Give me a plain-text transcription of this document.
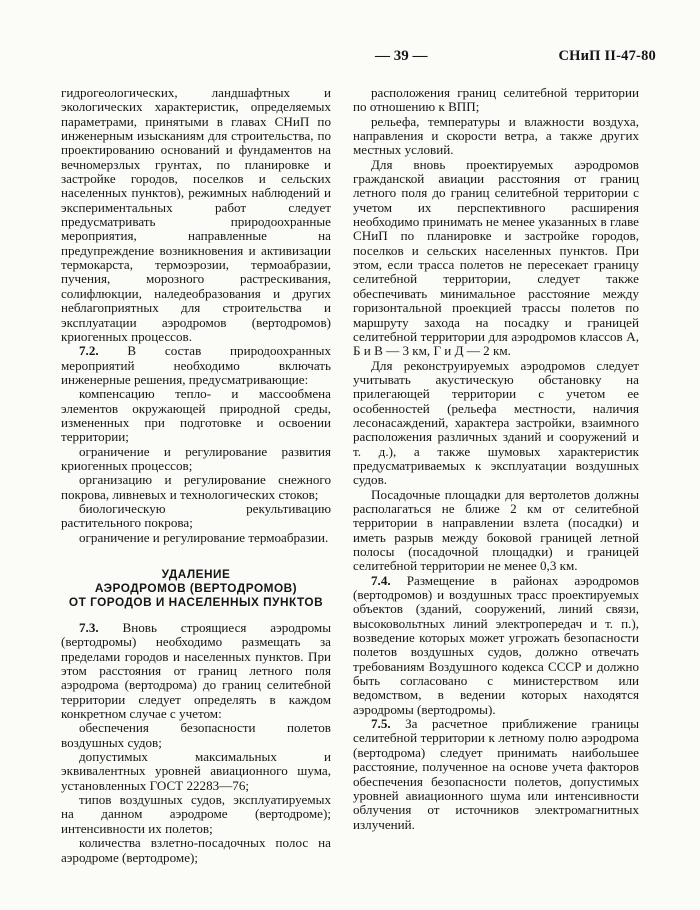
— 39 —	СНиП II-47-80

гидрогеологических, ландшафтных и экологических характеристик, определяемых параметрами, принятыми в главах СНиП по инженерным изысканиям для строительства, по проектированию оснований и фундаментов на вечномерзлых грунтах, по планировке и застройке городов, поселков и сельских населенных пунктов), режимных наблюдений и экспериментальных работ следует предусматривать природоохранные мероприятия, направленные на предупреждение возникновения и активизации термокарста, термоэрозии, термоабразии, пучения, морозного растрескивания, солифлюкции, наледеобразования и других неблагоприятных для строительства и эксплуатации аэродромов (вертодромов) криогенных процессов.

7.2. В состав природоохранных мероприятий необходимо включать инженерные решения, предусматривающие:

компенсацию тепло- и массообмена элементов окружающей природной среды, измененных при подготовке и освоении территории;

ограничение и регулирование развития криогенных процессов;

организацию и регулирование снежного покрова, ливневых и технологических стоков;

биологическую рекультивацию растительного покрова;

ограничение и регулирование термоабразии.

УДАЛЕНИЕ
АЭРОДРОМОВ (ВЕРТОДРОМОВ)
ОТ ГОРОДОВ И НАСЕЛЕННЫХ ПУНКТОВ

7.3. Вновь строящиеся аэродромы (вертодромы) необходимо размещать за пределами городов и населенных пунктов. При этом расстояния от границ летного поля аэродрома (вертодрома) до границ селитебной территории следует определять в каждом конкретном случае с учетом:

обеспечения безопасности полетов воздушных судов;

допустимых максимальных и эквивалентных уровней авиационного шума, установленных ГОСТ 22283—76;

типов воздушных судов, эксплуатируемых на данном аэродроме (вертодроме); интенсивности их полетов;

количества взлетно-посадочных полос на аэродроме (вертодроме);

расположения границ селитебной территории по отношению к ВПП;

рельефа, температуры и влажности воздуха, направления и скорости ветра, а также других местных условий.

Для вновь проектируемых аэродромов гражданской авиации расстояния от границ летного поля до границ селитебной территории с учетом их перспективного расширения необходимо принимать не менее указанных в главе СНиП по планировке и застройке городов, поселков и сельских населенных пунктов. При этом, если трасса полетов не пересекает границу селитебной территории, следует также обеспечивать минимальное расстояние между горизонтальной проекцией трассы полетов по маршруту захода на посадку и границей селитебной территории для аэродромов классов А, Б и В — 3 км, Г и Д — 2 км.

Для реконструируемых аэродромов следует учитывать акустическую обстановку на прилегающей территории с учетом ее особенностей (рельефа местности, наличия лесонасаждений, характера застройки, взаимного расположения различных зданий и сооружений и т. д.), а также шумовых характеристик предусматриваемых к эксплуатации воздушных судов.

Посадочные площадки для вертолетов должны располагаться не ближе 2 км от селитебной территории в направлении взлета (посадки) и иметь разрыв между боковой границей летной полосы (посадочной площадки) и границей селитебной территории не менее 0,3 км.

7.4. Размещение в районах аэродромов (вертодромов) и воздушных трасс проектируемых объектов (зданий, сооружений, линий связи, высоковольтных линий электропередач и т. п.), возведение которых может угрожать безопасности полетов воздушных судов, должно отвечать требованиям Воздушного кодекса СССР и должно быть согласовано с министерством или ведомством, в ведении которых находятся аэродромы (вертодромы).

7.5. За расчетное приближение границы селитебной территории к летному полю аэродрома (вертодрома) следует принимать наибольшее расстояние, полученное на основе учета факторов обеспечения безопасности полетов, допустимых уровней авиационного шума или интенсивности облучения от источников электромагнитных излучений.
